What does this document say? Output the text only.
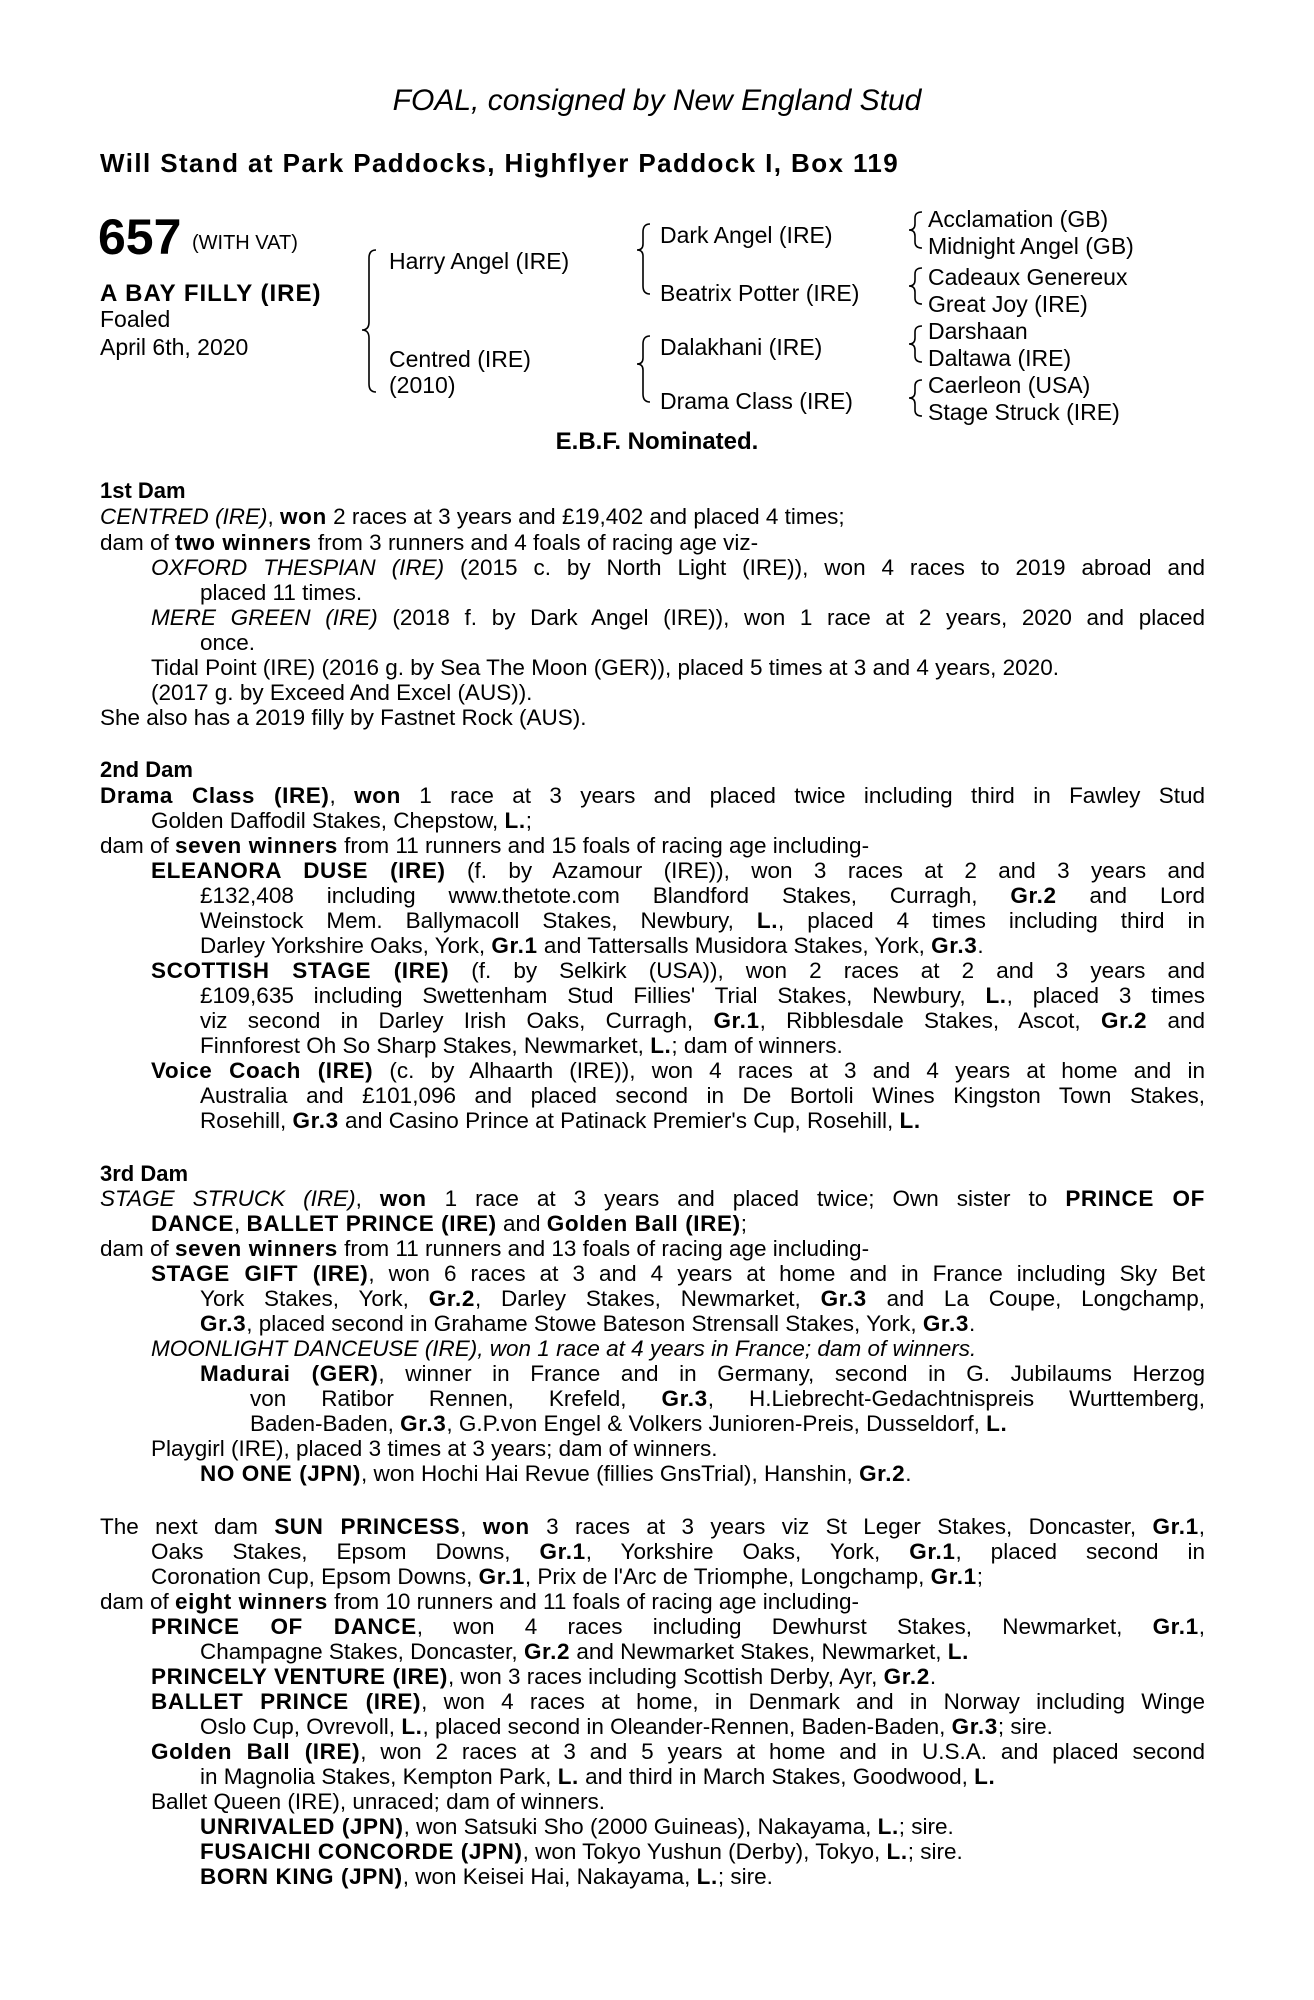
FOAL, consigned by New England Stud
Will Stand at Park Paddocks, Highflyer Paddock I, Box 119
657 (WITH VAT)
A BAY FILLY (IRE)
Foaled
April 6th, 2020
Harry Angel (IRE)
Centred (IRE)
(2010)
Dark Angel (IRE)
Beatrix Potter (IRE)
Dalakhani (IRE)
Drama Class (IRE)
Acclamation (GB)
Midnight Angel (GB)
Cadeaux Genereux
Great Joy (IRE)
Darshaan
Daltawa (IRE)
Caerleon (USA)
Stage Struck (IRE)
E.B.F. Nominated.
1st Dam
CENTRED (IRE), won 2 races at 3 years and £19,402 and placed 4 times;
dam of two winners from 3 runners and 4 foals of racing age viz-
OXFORD THESPIAN (IRE) (2015 c. by North Light (IRE)), won 4 races to 2019 abroad and
placed 11 times.
MERE GREEN (IRE) (2018 f. by Dark Angel (IRE)), won 1 race at 2 years, 2020 and placed
once.
Tidal Point (IRE) (2016 g. by Sea The Moon (GER)), placed 5 times at 3 and 4 years, 2020.
(2017 g. by Exceed And Excel (AUS)).
She also has a 2019 filly by Fastnet Rock (AUS).
2nd Dam
Drama Class (IRE), won 1 race at 3 years and placed twice including third in Fawley Stud
Golden Daffodil Stakes, Chepstow, L.;
dam of seven winners from 11 runners and 15 foals of racing age including-
ELEANORA DUSE (IRE) (f. by Azamour (IRE)), won 3 races at 2 and 3 years and
£132,408 including www.thetote.com Blandford Stakes, Curragh, Gr.2 and Lord
Weinstock Mem. Ballymacoll Stakes, Newbury, L., placed 4 times including third in
Darley Yorkshire Oaks, York, Gr.1 and Tattersalls Musidora Stakes, York, Gr.3.
SCOTTISH STAGE (IRE) (f. by Selkirk (USA)), won 2 races at 2 and 3 years and
£109,635 including Swettenham Stud Fillies' Trial Stakes, Newbury, L., placed 3 times
viz second in Darley Irish Oaks, Curragh, Gr.1, Ribblesdale Stakes, Ascot, Gr.2 and
Finnforest Oh So Sharp Stakes, Newmarket, L.; dam of winners.
Voice Coach (IRE) (c. by Alhaarth (IRE)), won 4 races at 3 and 4 years at home and in
Australia and £101,096 and placed second in De Bortoli Wines Kingston Town Stakes,
Rosehill, Gr.3 and Casino Prince at Patinack Premier's Cup, Rosehill, L.
3rd Dam
STAGE STRUCK (IRE), won 1 race at 3 years and placed twice; Own sister to PRINCE OF
DANCE, BALLET PRINCE (IRE) and Golden Ball (IRE);
dam of seven winners from 11 runners and 13 foals of racing age including-
STAGE GIFT (IRE), won 6 races at 3 and 4 years at home and in France including Sky Bet
York Stakes, York, Gr.2, Darley Stakes, Newmarket, Gr.3 and La Coupe, Longchamp,
Gr.3, placed second in Grahame Stowe Bateson Strensall Stakes, York, Gr.3.
MOONLIGHT DANCEUSE (IRE), won 1 race at 4 years in France; dam of winners.
Madurai (GER), winner in France and in Germany, second in G. Jubilaums Herzog
von Ratibor Rennen, Krefeld, Gr.3, H.Liebrecht-Gedachtnispreis Wurttemberg,
Baden-Baden, Gr.3, G.P.von Engel & Volkers Junioren-Preis, Dusseldorf, L.
Playgirl (IRE), placed 3 times at 3 years; dam of winners.
NO ONE (JPN), won Hochi Hai Revue (fillies GnsTrial), Hanshin, Gr.2.
The next dam SUN PRINCESS, won 3 races at 3 years viz St Leger Stakes, Doncaster, Gr.1,
Oaks Stakes, Epsom Downs, Gr.1, Yorkshire Oaks, York, Gr.1, placed second in
Coronation Cup, Epsom Downs, Gr.1, Prix de l'Arc de Triomphe, Longchamp, Gr.1;
dam of eight winners from 10 runners and 11 foals of racing age including-
PRINCE OF DANCE, won 4 races including Dewhurst Stakes, Newmarket, Gr.1,
Champagne Stakes, Doncaster, Gr.2 and Newmarket Stakes, Newmarket, L.
PRINCELY VENTURE (IRE), won 3 races including Scottish Derby, Ayr, Gr.2.
BALLET PRINCE (IRE), won 4 races at home, in Denmark and in Norway including Winge
Oslo Cup, Ovrevoll, L., placed second in Oleander-Rennen, Baden-Baden, Gr.3; sire.
Golden Ball (IRE), won 2 races at 3 and 5 years at home and in U.S.A. and placed second
in Magnolia Stakes, Kempton Park, L. and third in March Stakes, Goodwood, L.
Ballet Queen (IRE), unraced; dam of winners.
UNRIVALED (JPN), won Satsuki Sho (2000 Guineas), Nakayama, L.; sire.
FUSAICHI CONCORDE (JPN), won Tokyo Yushun (Derby), Tokyo, L.; sire.
BORN KING (JPN), won Keisei Hai, Nakayama, L.; sire.
